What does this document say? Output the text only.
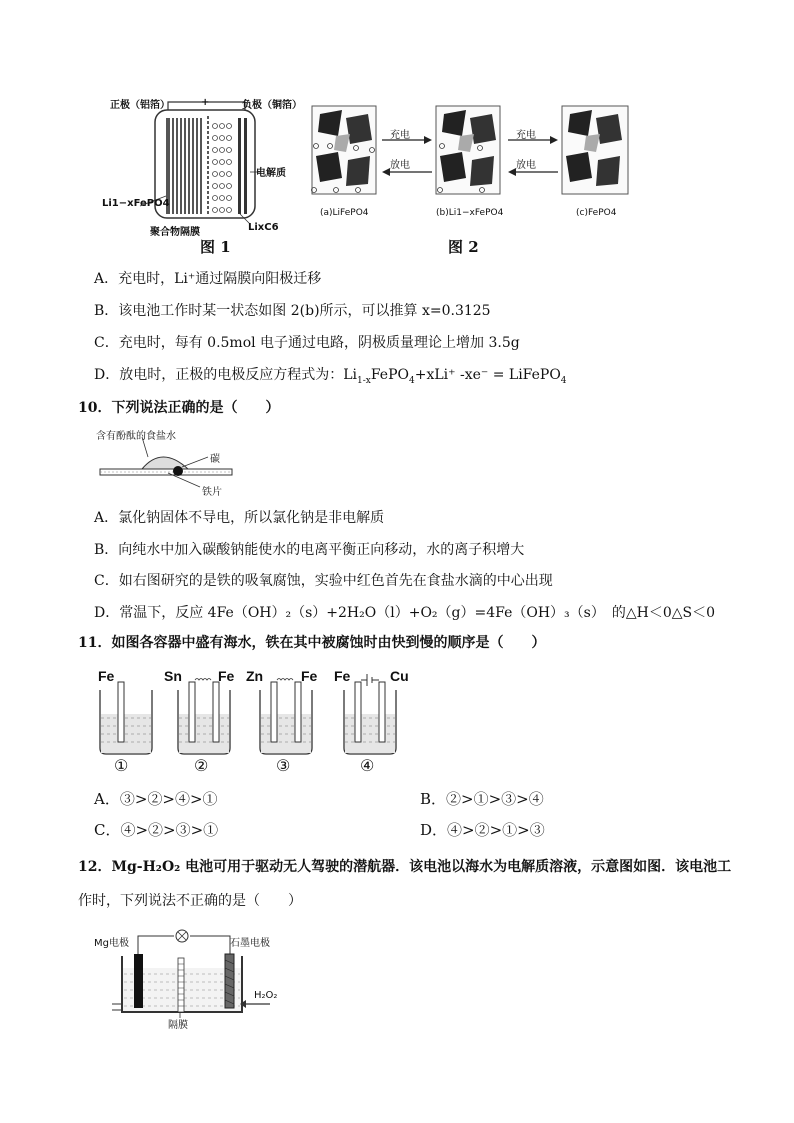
正极（铝箔）	+	负极（铜箔）
电解质
Li1−xFePO4
聚合物隔膜	LixC6
图 1
充电
放电
充电
放电
(a)LiFePO4	(b)Li1−xFePO4	(c)FePO4
图 2
A．充电时，Li⁺通过隔膜向阳极迁移
B．该电池工作时某一状态如图 2(b)所示，可以推算 x=0.3125
C．充电时，每有 0.5mol 电子通过电路，阴极质量理论上增加 3.5g
D．放电时，正极的电极反应方程式为：$Li_{1-x}FePO_4+xLi^+$ -xe⁻ = LiFePO$_4$
10．下列说法正确的是（　　）
含有酚酞的食盐水
碳
铁片
A．氯化钠固体不导电，所以氯化钠是非电解质
B．向纯水中加入碳酸钠能使水的电离平衡正向移动，水的离子积增大
C．如右图研究的是铁的吸氧腐蚀，实验中红色首先在食盐水滴的中心出现
D．常温下，反应 4Fe（OH）₂（s）+2H₂O（l）+O₂（g）=4Fe（OH）₃（s）　的△H＜0△S＜0
11．如图各容器中盛有海水，铁在其中被腐蚀时由快到慢的顺序是（　　）
Fe	Sn	Fe Zn	Fe Fe	Cu
①	②	③	④
A．③>②>④>①	B．②>①>③>④
C．④>②>③>①	D．④>②>①>③
12．Mg-H₂O₂ 电池可用于驱动无人驾驶的潜航器．该电池以海水为电解质溶液，示意图如图．该电池工
作时，下列说法不正确的是（　　）
Mg电极	石墨电极
H₂O₂
隔膜
